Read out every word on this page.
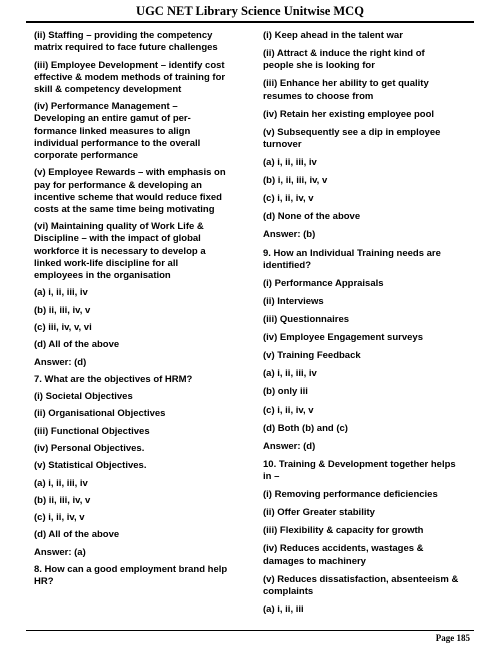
UGC NET Library Science Unitwise MCQ
(ii) Staffing – providing the competency
matrix required to face future challenges
(iii) Employee Development – identify cost
effective & modem methods of training for
skill & competency development
(iv) Performance Management –
Developing an entire gamut of per-
formance linked measures to align
individual performance to the overall
corporate performance
(v) Employee Rewards – with emphasis on
pay for performance & developing an
incentive scheme that would reduce fixed
costs at the same time being motivating
(vi) Maintaining quality of Work Life &
Discipline – with the impact of global
workforce it is necessary to develop a
linked work-life discipline for all
employees in the organisation
(a) i, ii, iii, iv
(b) ii, iii, iv, v
(c) iii, iv, v, vi
(d) All of the above
Answer: (d)
7. What are the objectives of HRM?
(i) Societal Objectives
(ii) Organisational Objectives
(iii) Functional Objectives
(iv) Personal Objectives.
(v) Statistical Objectives.
(a) i, ii, iii, iv
(b) ii, iii, iv, v
(c) i, ii, iv, v
(d) All of the above
Answer: (a)
8. How can a good employment brand help
HR?
(i) Keep ahead in the talent war
(ii) Attract & induce the right kind of
people she is looking for
(iii) Enhance her ability to get quality
resumes to choose from
(iv) Retain her existing employee pool
(v) Subsequently see a dip in employee
turnover
(a) i, ii, iii, iv
(b) i, ii, iii, iv, v
(c) i, ii, iv, v
(d) None of the above
Answer: (b)
9. How an Individual Training needs are
identified?
(i) Performance Appraisals
(ii) Interviews
(iii) Questionnaires
(iv) Employee Engagement surveys
(v) Training Feedback
(a) i, ii, iii, iv
(b) only iii
(c) i, ii, iv, v
(d) Both (b) and (c)
Answer: (d)
10. Training & Development together helps
in –
(i) Removing performance deficiencies
(ii) Offer Greater stability
(iii) Flexibility & capacity for growth
(iv) Reduces accidents, wastages &
damages to machinery
(v) Reduces dissatisfaction, absenteeism &
complaints
(a) i, ii, iii
Page 185
